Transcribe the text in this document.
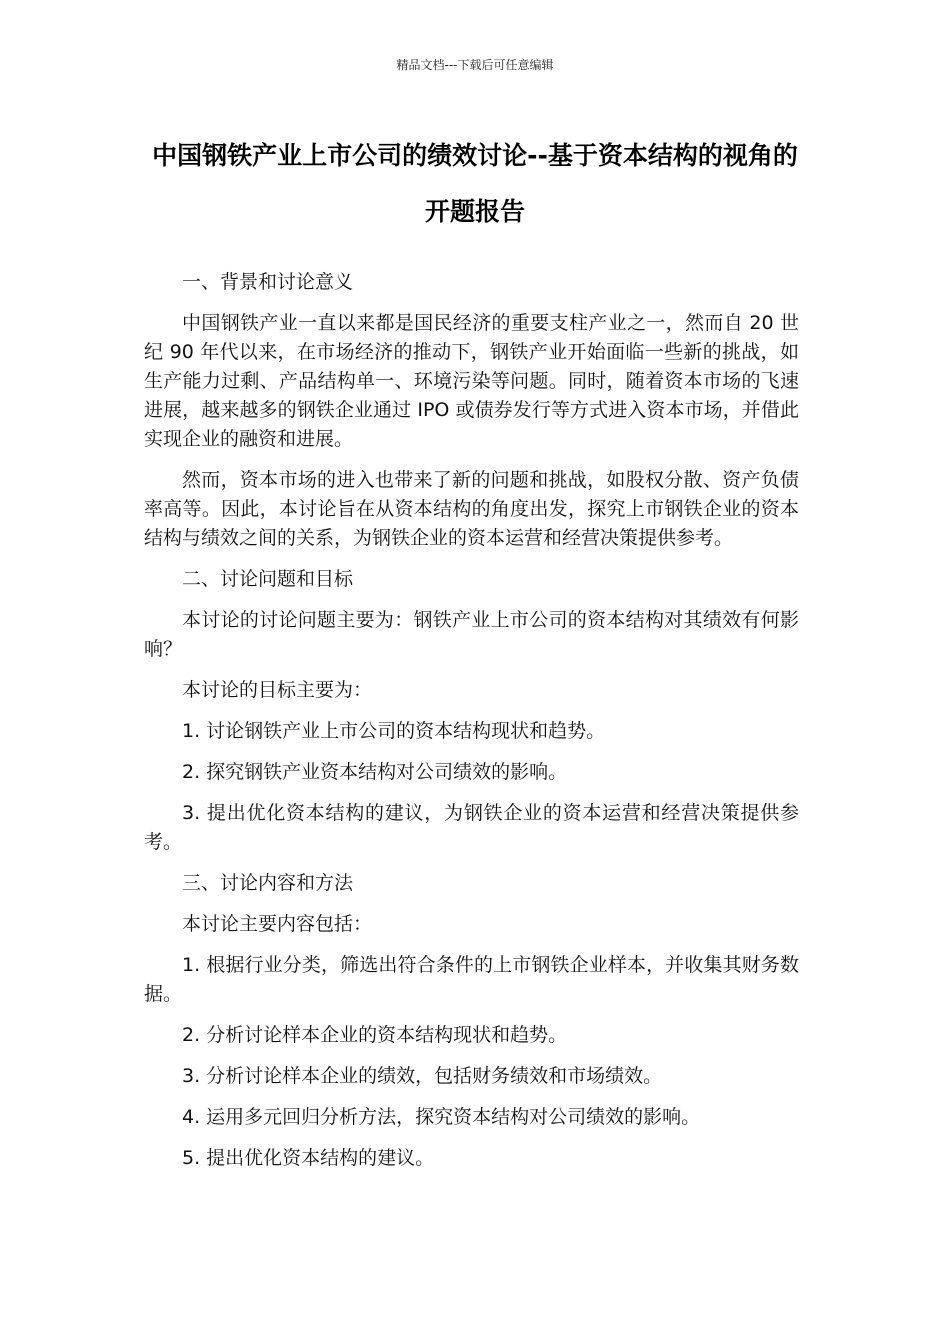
精品文档---下载后可任意编辑
中国钢铁产业上市公司的绩效讨论--基于资本结构的视角的开题报告

一、背景和讨论意义

中国钢铁产业一直以来都是国民经济的重要支柱产业之一，然而自 20 世纪 90 年代以来，在市场经济的推动下，钢铁产业开始面临一些新的挑战，如生产能力过剩、产品结构单一、环境污染等问题。同时，随着资本市场的飞速进展，越来越多的钢铁企业通过 IPO 或债券发行等方式进入资本市场，并借此实现企业的融资和进展。

然而，资本市场的进入也带来了新的问题和挑战，如股权分散、资产负债率高等。因此，本讨论旨在从资本结构的角度出发，探究上市钢铁企业的资本结构与绩效之间的关系，为钢铁企业的资本运营和经营决策提供参考。

二、讨论问题和目标

本讨论的讨论问题主要为：钢铁产业上市公司的资本结构对其绩效有何影响？

本讨论的目标主要为：

1. 讨论钢铁产业上市公司的资本结构现状和趋势。

2. 探究钢铁产业资本结构对公司绩效的影响。

3. 提出优化资本结构的建议，为钢铁企业的资本运营和经营决策提供参考。

三、讨论内容和方法

本讨论主要内容包括：

1. 根据行业分类，筛选出符合条件的上市钢铁企业样本，并收集其财务数据。

2. 分析讨论样本企业的资本结构现状和趋势。

3. 分析讨论样本企业的绩效，包括财务绩效和市场绩效。

4. 运用多元回归分析方法，探究资本结构对公司绩效的影响。

5. 提出优化资本结构的建议。
